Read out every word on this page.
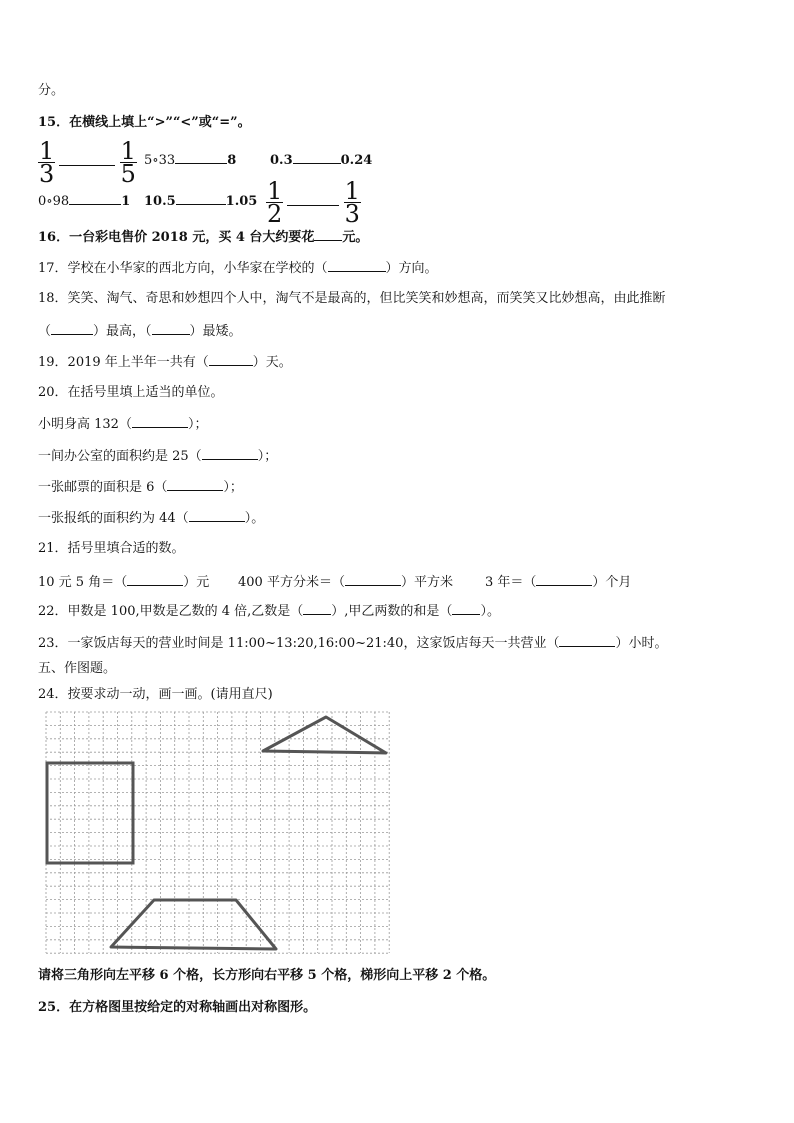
分。
15．在横线上填上“>”“<”或“=”。
$\frac{1}{3}$
	$\frac{1}{5}$ 5∘33	8	0.3	0.24
0∘98	1 10.5	$1.05 \frac{1}{2}$
	$\frac{1}{3}$
16．一台彩电售价 2018 元，买 4 台大约要花 元。
17．学校在小华家的西北方向，小华家在学校的（	）方向。
18．笑笑、淘气、奇思和妙想四个人中，淘气不是最高的，但比笑笑和妙想高，而笑笑又比妙想高，由此推断
（	）最高，（	）最矮。
19．2019 年上半年一共有（	）天。
20．在括号里填上适当的单位。
小明身高 132（	）；
一间办公室的面积约是 25（	）；
一张邮票的面积是 6（	）；
一张报纸的面积约为 44（	）。
21．括号里填合适的数。
10 元 5 角＝（	）元 400 平方分米＝（	）平方米 3 年＝（	）个月
22．甲数是 100,甲数是乙数的 4 倍,乙数是（ ）,甲乙两数的和是（ ）。
23．一家饭店每天的营业时间是 11:00~13:20,16:00~21:40，这家饭店每天一共营业（	）小时。
五、作图题。
24．按要求动一动，画一画。(请用直尺)
请将三角形向左平移 6 个格，长方形向右平移 5 个格，梯形向上平移 2 个格。
25．在方格图里按给定的对称轴画出对称图形。
